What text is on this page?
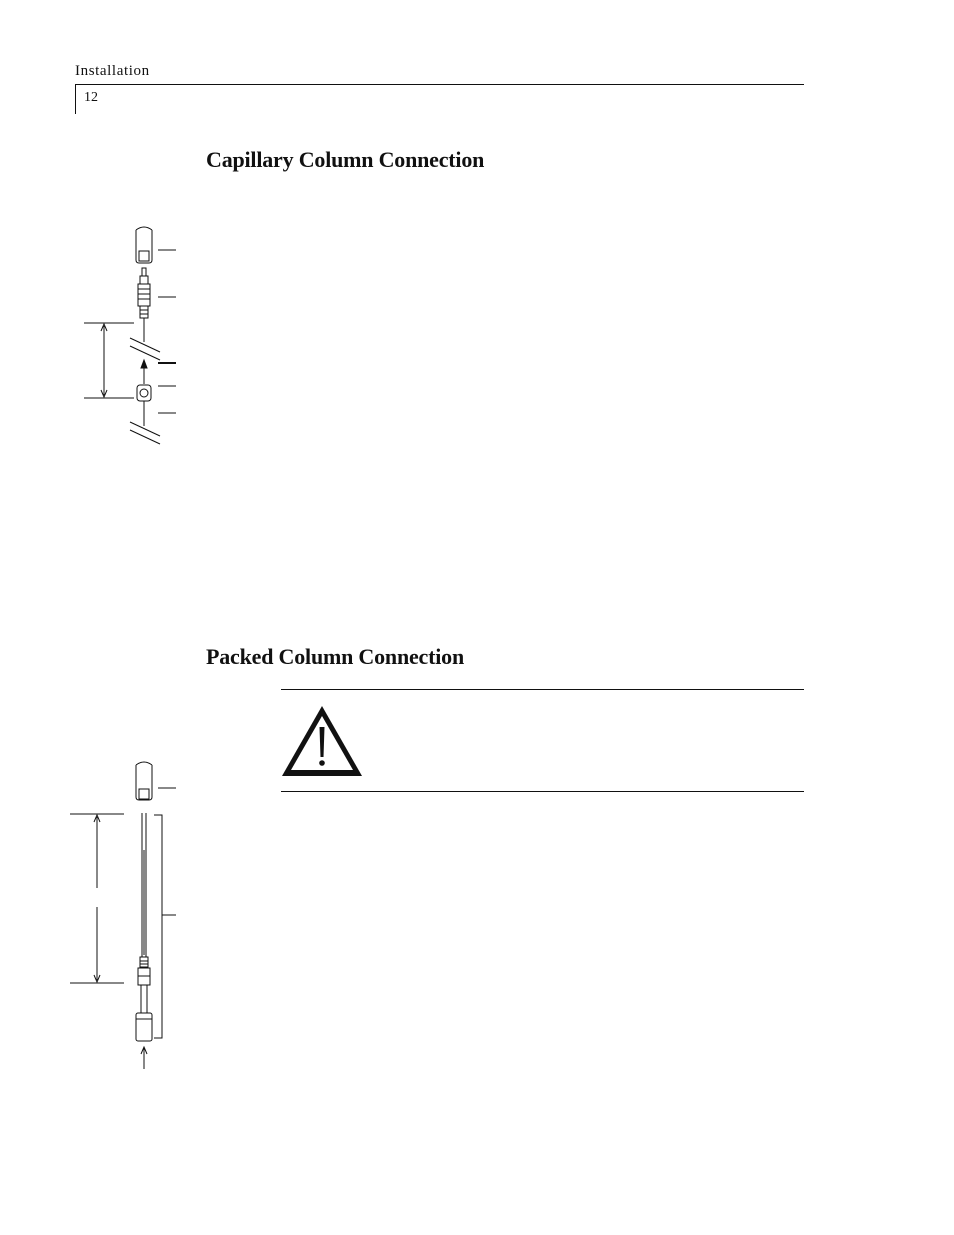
Installation
12
Capillary Column Connection
Packed Column Connection
